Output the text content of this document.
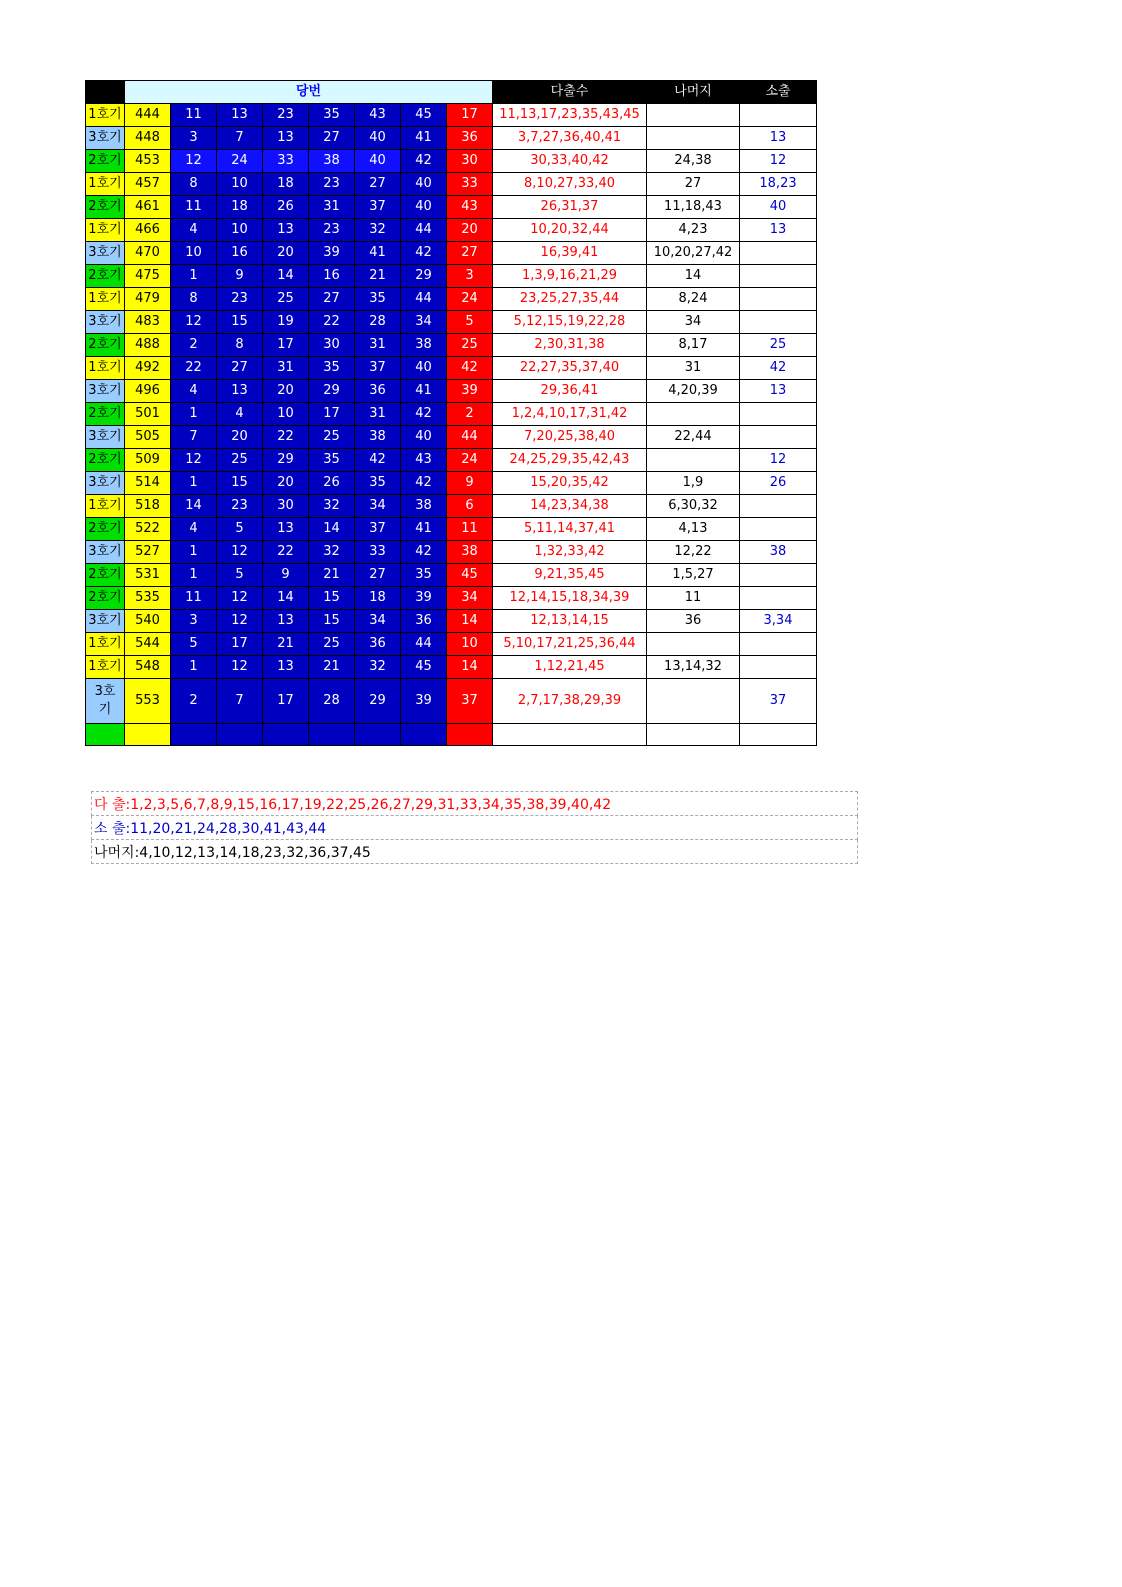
	당번								다출수	나머지	소출
1호기	444	11	13	23	35	43	45	17	11,13,17,23,35,43,45		
3호기	448	3	7	13	27	40	41	36	3,7,27,36,40,41		13
2호기	453	12	24	33	38	40	42	30	30,33,40,42	24,38	12
1호기	457	8	10	18	23	27	40	33	8,10,27,33,40	27	18,23
2호기	461	11	18	26	31	37	40	43	26,31,37	11,18,43	40
1호기	466	4	10	13	23	32	44	20	10,20,32,44	4,23	13
3호기	470	10	16	20	39	41	42	27	16,39,41	10,20,27,42	
2호기	475	1	9	14	16	21	29	3	1,3,9,16,21,29	14	
1호기	479	8	23	25	27	35	44	24	23,25,27,35,44	8,24	
3호기	483	12	15	19	22	28	34	5	5,12,15,19,22,28	34	
2호기	488	2	8	17	30	31	38	25	2,30,31,38	8,17	25
1호기	492	22	27	31	35	37	40	42	22,27,35,37,40	31	42
3호기	496	4	13	20	29	36	41	39	29,36,41	4,20,39	13
2호기	501	1	4	10	17	31	42	2	1,2,4,10,17,31,42		
3호기	505	7	20	22	25	38	40	44	7,20,25,38,40	22,44	
2호기	509	12	25	29	35	42	43	24	24,25,29,35,42,43		12
3호기	514	1	15	20	26	35	42	9	15,20,35,42	1,9	26
1호기	518	14	23	30	32	34	38	6	14,23,34,38	6,30,32	
2호기	522	4	5	13	14	37	41	11	5,11,14,37,41	4,13	
3호기	527	1	12	22	32	33	42	38	1,32,33,42	12,22	38
2호기	531	1	5	9	21	27	35	45	9,21,35,45	1,5,27	
2호기	535	11	12	14	15	18	39	34	12,14,15,18,34,39	11	
3호기	540	3	12	13	15	34	36	14	12,13,14,15	36	3,34
1호기	544	5	17	21	25	36	44	10	5,10,17,21,25,36,44		
1호기	548	1	12	13	21	32	45	14	1,12,21,45	13,14,32	
3호
기	553	2	7	17	28	29	39	37	2,7,17,38,29,39		37

다 출:1,2,3,5,6,7,8,9,15,16,17,19,22,25,26,27,29,31,33,34,35,38,39,40,42
소 출:11,20,21,24,28,30,41,43,44
나머지:4,10,12,13,14,18,23,32,36,37,45
